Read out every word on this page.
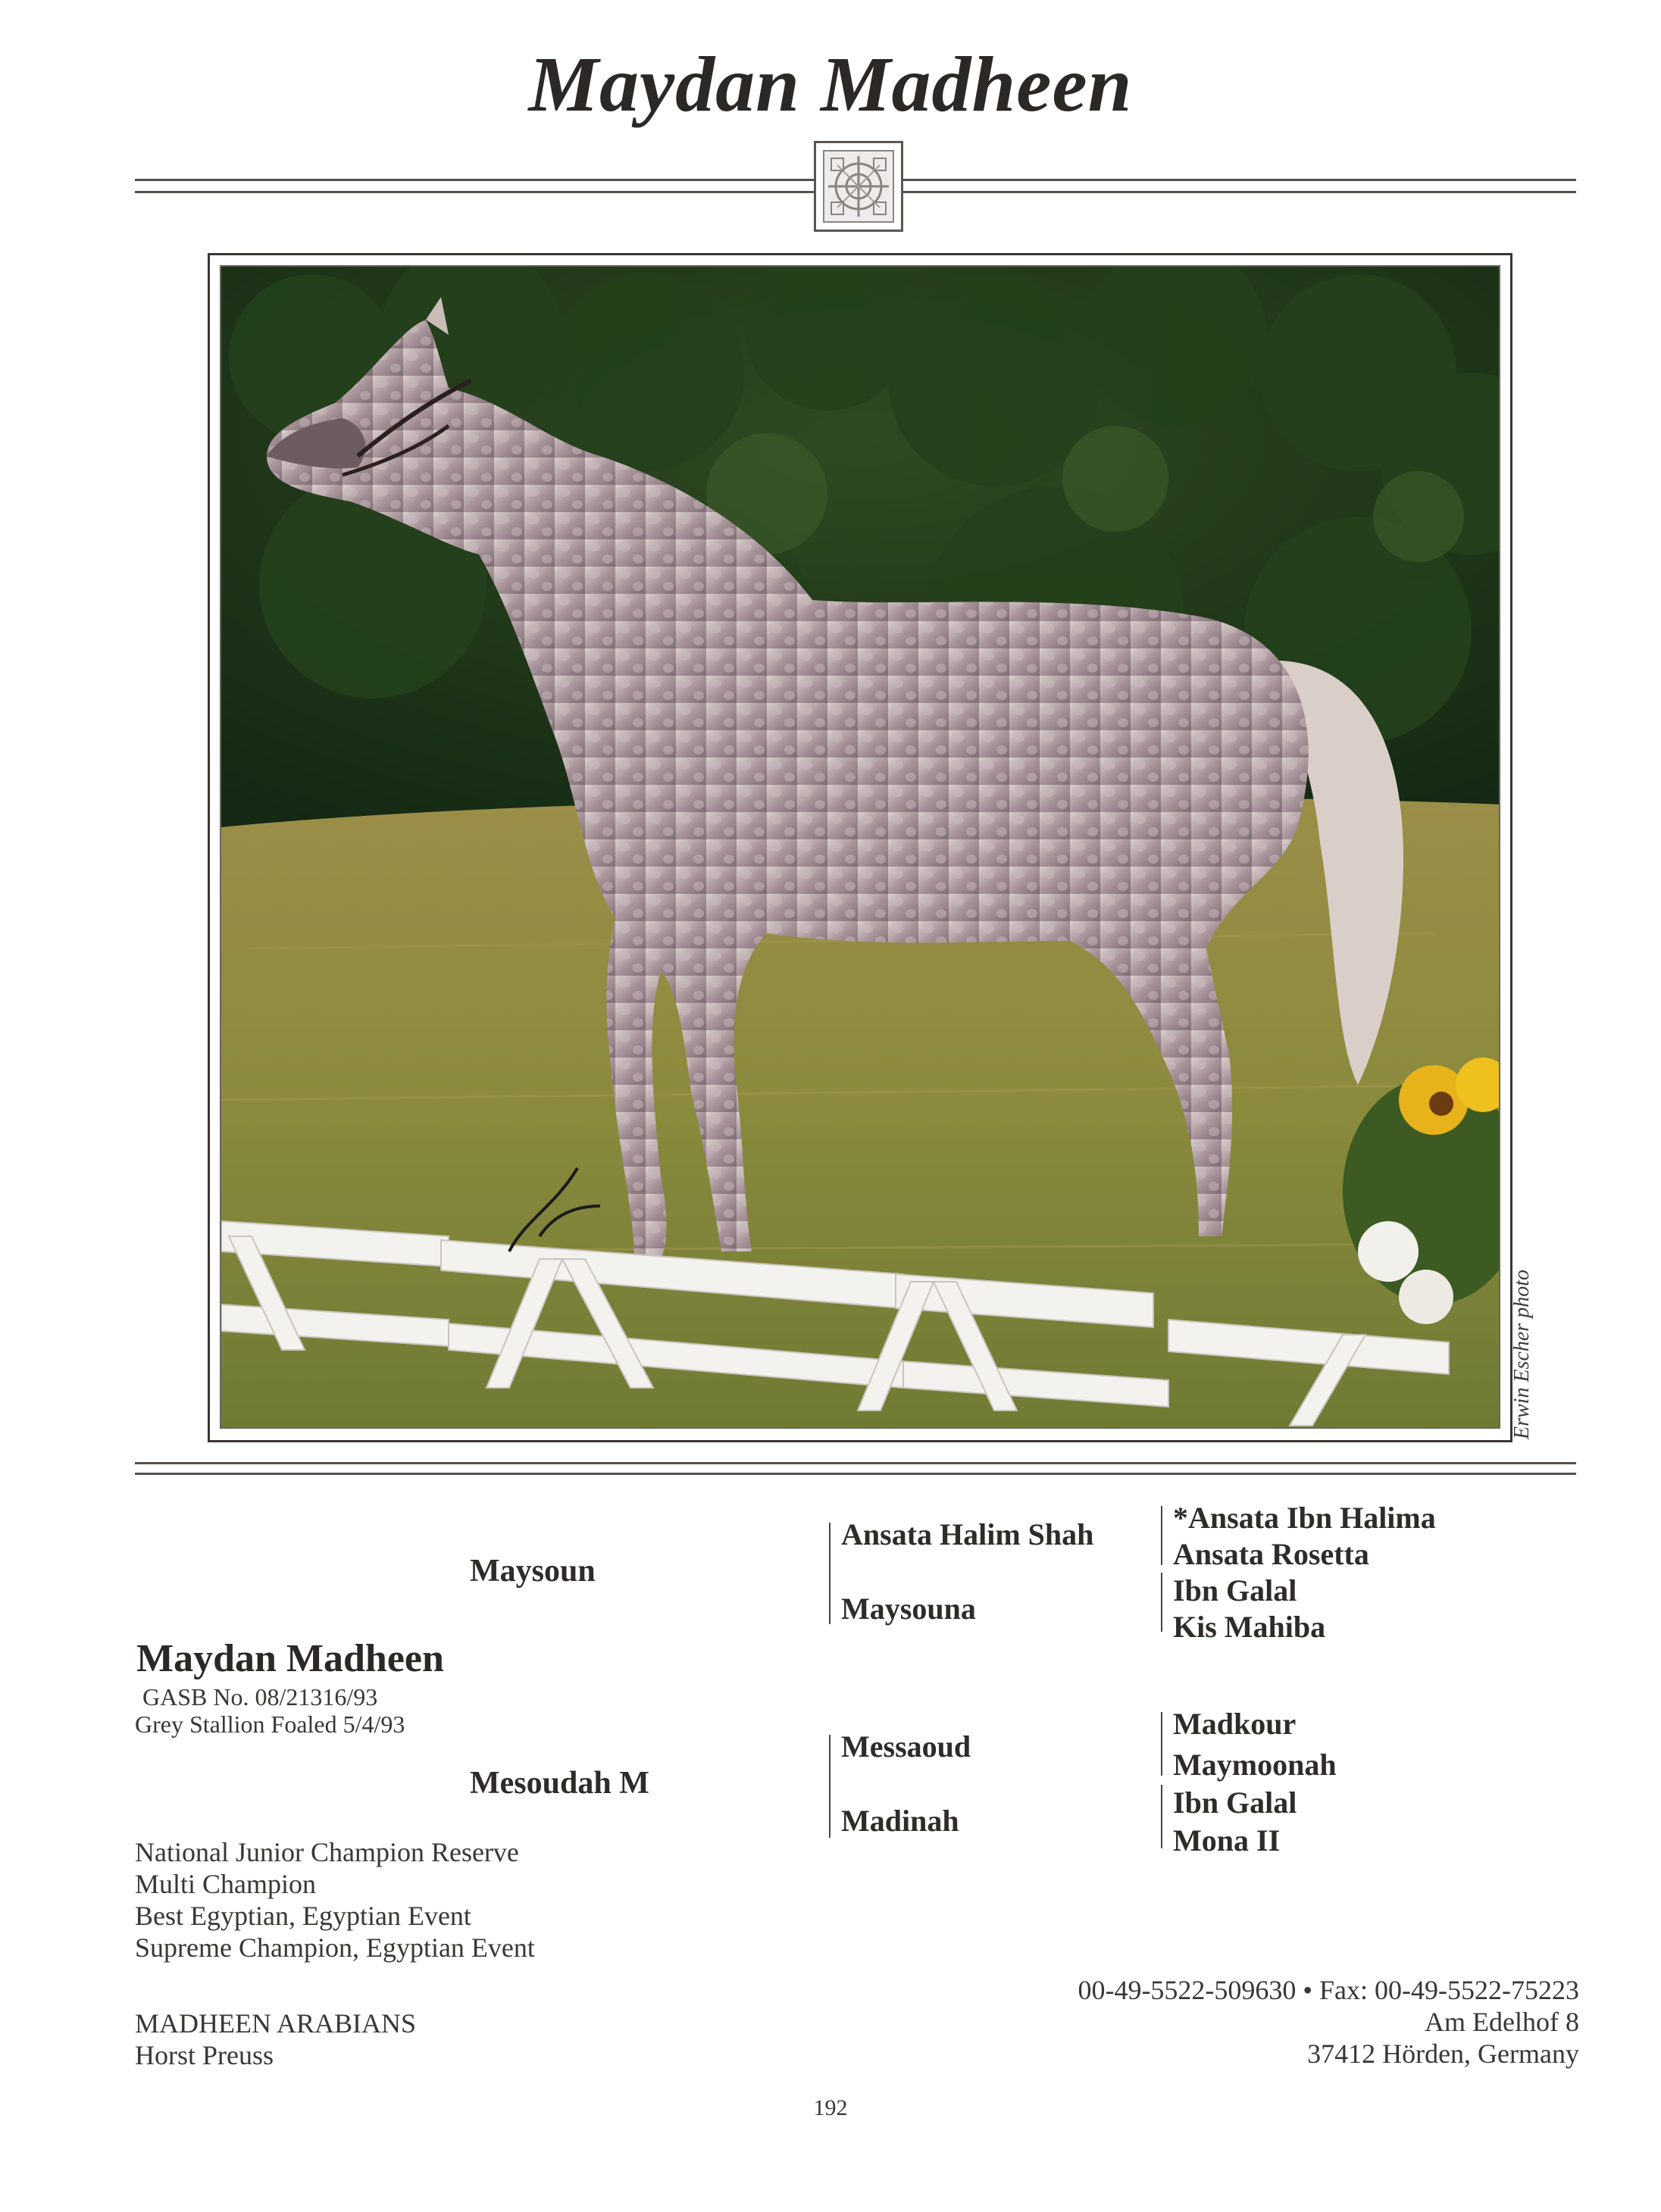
Maydan Madheen
Erwin Escher photo
Maysoun
Maydan Madheen
GASB No. 08/21316/93
Grey Stallion Foaled 5/4/93
Mesoudah M
Ansata Halim Shah
Maysouna
Messaoud
Madinah
*Ansata Ibn Halima
Ansata Rosetta
Ibn Galal
Kis Mahiba
Madkour
Maymoonah
Ibn Galal
Mona II
National Junior Champion Reserve
Multi Champion
Best Egyptian, Egyptian Event
Supreme Champion, Egyptian Event
MADHEEN ARABIANS
Horst Preuss
00-49-5522-509630 • Fax: 00-49-5522-75223
Am Edelhof 8
37412 Hörden, Germany
192
